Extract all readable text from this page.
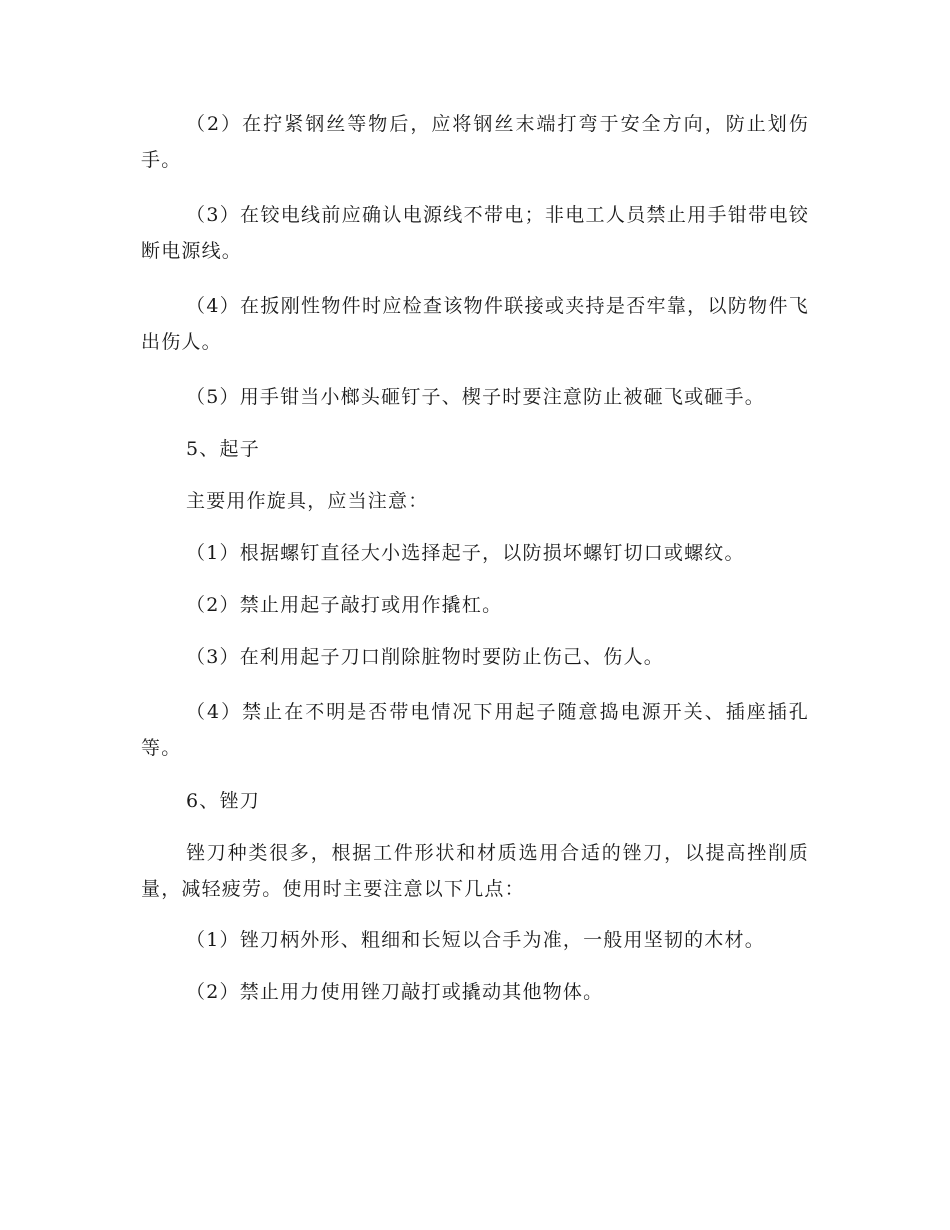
（2）在拧紧钢丝等物后，应将钢丝末端打弯于安全方向，防止划伤手。

（3）在铰电线前应确认电源线不带电；非电工人员禁止用手钳带电铰断电源线。

（4）在扳刚性物件时应检查该物件联接或夹持是否牢靠，以防物件飞出伤人。

（5）用手钳当小榔头砸钉子、楔子时要注意防止被砸飞或砸手。

5、起子

主要用作旋具，应当注意：

（1）根据螺钉直径大小选择起子，以防损坏螺钉切口或螺纹。

（2）禁止用起子敲打或用作撬杠。

（3）在利用起子刀口削除脏物时要防止伤己、伤人。

（4）禁止在不明是否带电情况下用起子随意捣电源开关、插座插孔等。

6、锉刀

锉刀种类很多，根据工件形状和材质选用合适的锉刀，以提高挫削质量，减轻疲劳。使用时主要注意以下几点：

（1）锉刀柄外形、粗细和长短以合手为准，一般用坚韧的木材。

（2）禁止用力使用锉刀敲打或撬动其他物体。
